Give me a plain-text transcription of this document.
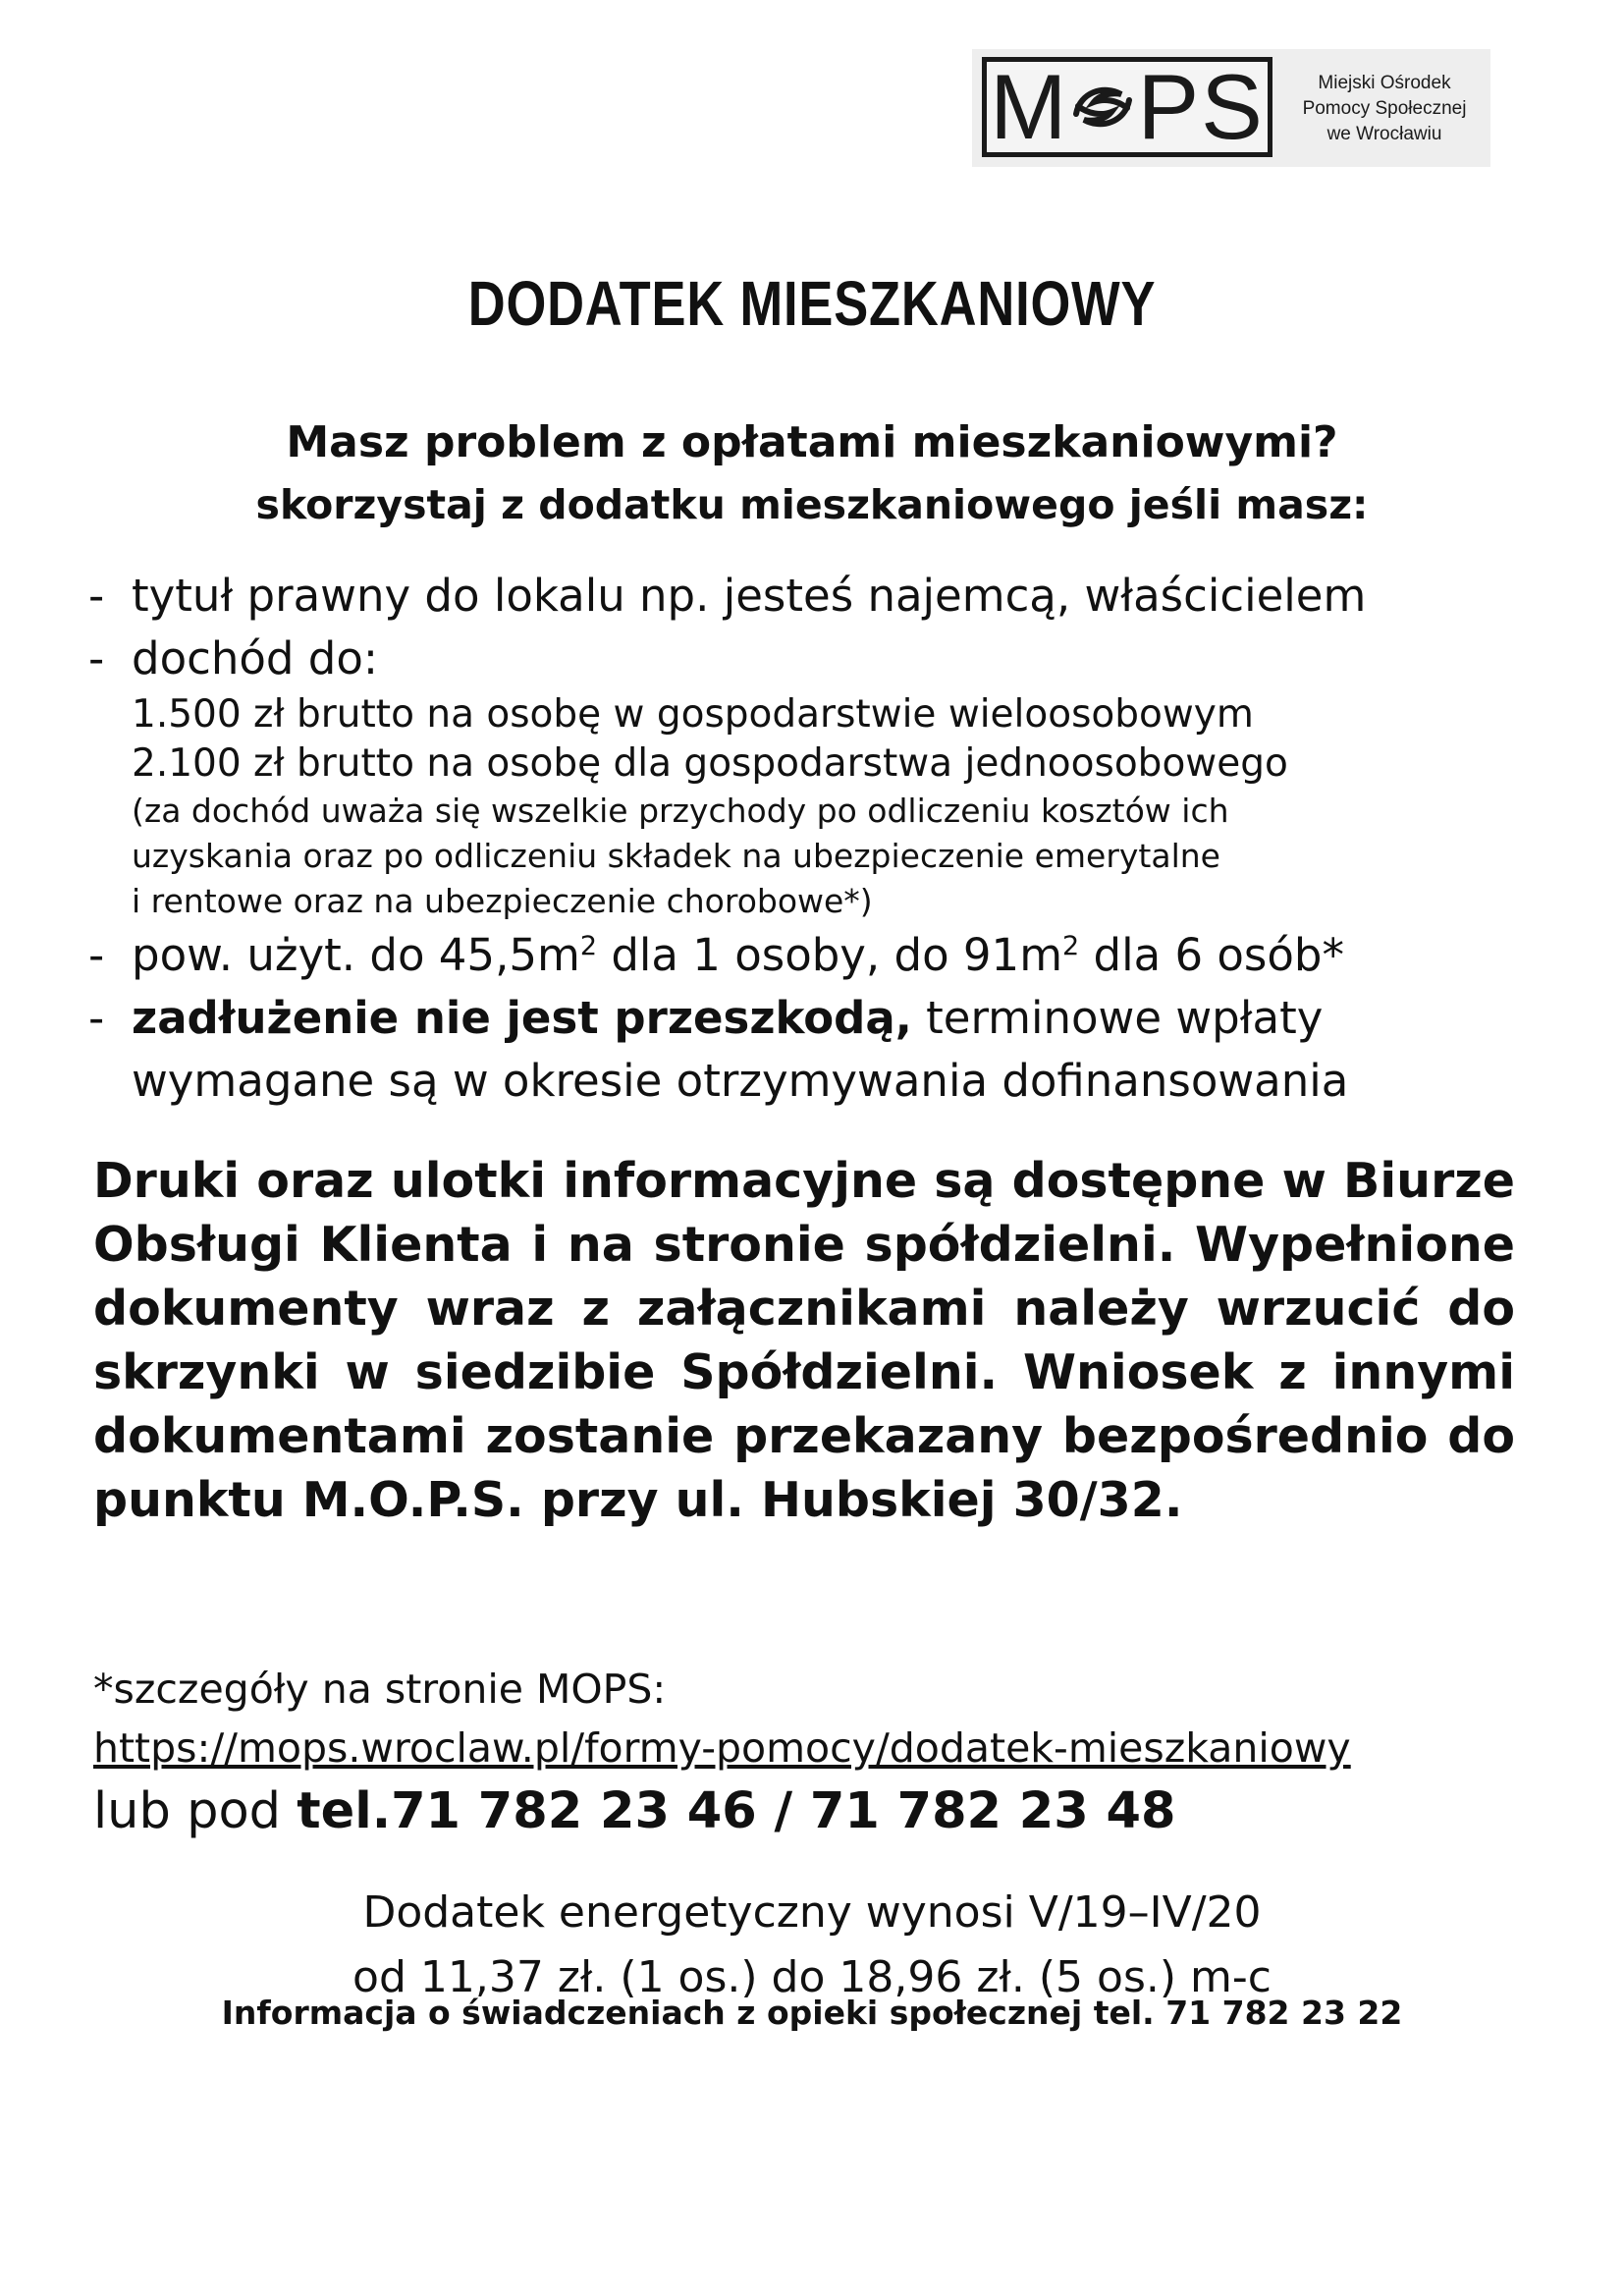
M PS	Miejski Ośrodek
Pomocy Społecznej
we Wrocławiu
DODATEK MIESZKANIOWY
Masz problem z opłatami mieszkaniowymi?
skorzystaj z dodatku mieszkaniowego jeśli masz:
- tytuł prawny do lokalu np. jesteś najemcą, właścicielem
- dochód do:
1.500 zł brutto na osobę w gospodarstwie wieloosobowym
2.100 zł brutto na osobę dla gospodarstwa jednoosobowego
(za dochód uważa się wszelkie przychody po odliczeniu kosztów ich
uzyskania oraz po odliczeniu składek na ubezpieczenie emerytalne
i rentowe oraz na ubezpieczenie chorobowe*)
- pow. użyt. do $45,5m^2$ dla 1 osoby, do $91m^2$ dla 6 osób*
- zadłużenie nie jest przeszkodą, terminowe wpłaty
wymagane są w okresie otrzymywania dofinansowania
Druki oraz ulotki informacyjne są dostępne w Biurze Obsługi Klienta i na stronie spółdzielni. Wypełnione dokumenty wraz z załącznikami należy wrzucić do skrzynki w siedzibie Spółdzielni. Wniosek z innymi dokumentami zostanie przekazany bezpośrednio do punktu M.O.P.S. przy ul. Hubskiej 30/32.
*szczegóły na stronie MOPS:
https://mops.wroclaw.pl/formy-pomocy/dodatek-mieszkaniowy
lub pod tel.71 782 23 46 / 71 782 23 48
Dodatek energetyczny wynosi V/19–IV/20
od 11,37 zł. (1 os.) do 18,96 zł. (5 os.) m-c
Informacja o świadczeniach z opieki społecznej tel. 71 782 23 22
